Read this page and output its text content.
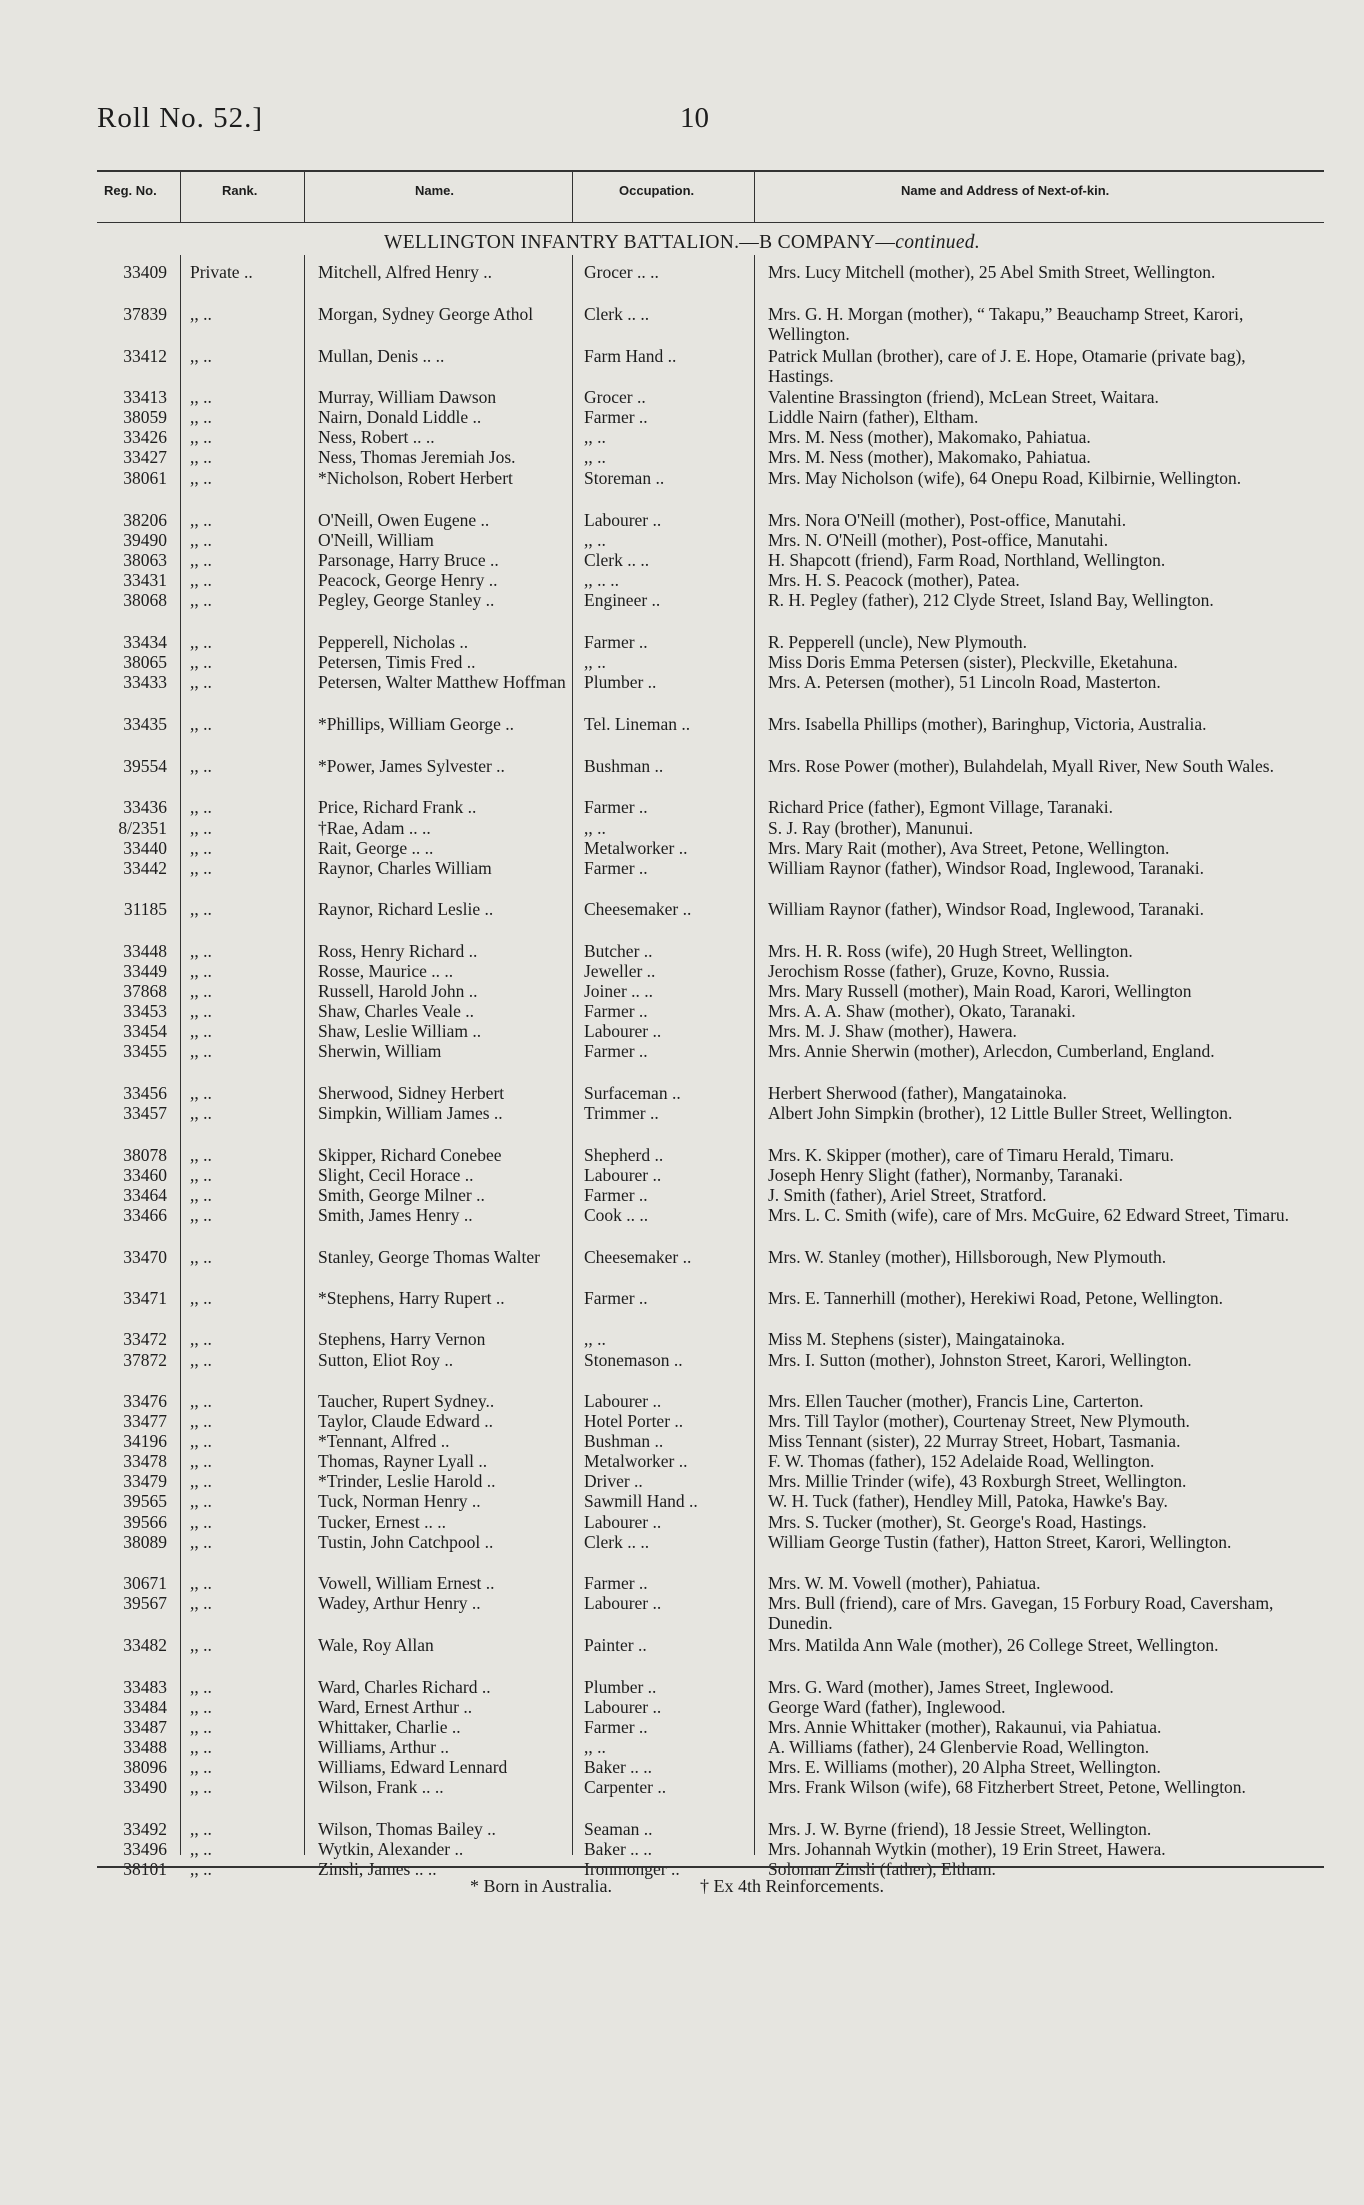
Roll No. 52.]	10
Reg. No.	Rank.	Name.	Occupation.	Name and Address of Next-of-kin.
WELLINGTON INFANTRY BATTALION.—B COMPANY—continued.
33409 Private ..	Mitchell, Alfred Henry ..	Grocer .. ..	Mrs. Lucy Mitchell (mother), 25 Abel Smith Street, Wellington.
37839 ,, ..	Morgan, Sydney George Athol	Clerk .. ..	Mrs. G. H. Morgan (mother), “ Takapu,” Beauchamp Street, Karori, Wellington.
33412 ,, ..	Mullan, Denis .. ..	Farm Hand ..	Patrick Mullan (brother), care of J. E. Hope, Otamarie (private bag), Hastings.
33413 ,, ..	Murray, William Dawson	Grocer ..	Valentine Brassington (friend), McLean Street, Waitara.
38059 ,, ..	Nairn, Donald Liddle ..	Farmer ..	Liddle Nairn (father), Eltham.
33426 ,, ..	Ness, Robert .. ..	,, ..	Mrs. M. Ness (mother), Makomako, Pahiatua.
33427 ,, ..	Ness, Thomas Jeremiah Jos.	,, ..	Mrs. M. Ness (mother), Makomako, Pahiatua.
38061 ,, ..	*Nicholson, Robert Herbert	Storeman ..	Mrs. May Nicholson (wife), 64 Onepu Road, Kilbirnie, Wellington.
38206 ,, ..	O'Neill, Owen Eugene ..	Labourer ..	Mrs. Nora O'Neill (mother), Post-office, Manutahi.
39490 ,, ..	O'Neill, William	,, ..	Mrs. N. O'Neill (mother), Post-office, Manutahi.
38063 ,, ..	Parsonage, Harry Bruce ..	Clerk .. ..	H. Shapcott (friend), Farm Road, Northland, Wellington.
33431 ,, ..	Peacock, George Henry ..	,, .. ..	Mrs. H. S. Peacock (mother), Patea.
38068 ,, ..	Pegley, George Stanley ..	Engineer ..	R. H. Pegley (father), 212 Clyde Street, Island Bay, Wellington.
33434 ,, ..	Pepperell, Nicholas ..	Farmer ..	R. Pepperell (uncle), New Plymouth.
38065 ,, ..	Petersen, Timis Fred ..	,, ..	Miss Doris Emma Petersen (sister), Pleckville, Eketahuna.
33433 ,, ..	Petersen, Walter Matthew Hoffman Plumber ..	Mrs. A. Petersen (mother), 51 Lincoln Road, Masterton.
33435 ,, ..	*Phillips, William George ..	Tel. Lineman ..	Mrs. Isabella Phillips (mother), Baringhup, Victoria, Australia.
39554 ,, ..	*Power, James Sylvester ..	Bushman ..	Mrs. Rose Power (mother), Bulahdelah, Myall River, New South Wales.
33436 ,, ..	Price, Richard Frank ..	Farmer ..	Richard Price (father), Egmont Village, Taranaki.
8/2351 ,, ..	†Rae, Adam .. ..	,, ..	S. J. Ray (brother), Manunui.
33440 ,, ..	Rait, George .. ..	Metalworker ..	Mrs. Mary Rait (mother), Ava Street, Petone, Wellington.
33442 ,, ..	Raynor, Charles William	Farmer ..	William Raynor (father), Windsor Road, Inglewood, Taranaki.
31185 ,, ..	Raynor, Richard Leslie ..	Cheesemaker ..	William Raynor (father), Windsor Road, Inglewood, Taranaki.
33448 ,, ..	Ross, Henry Richard ..	Butcher ..	Mrs. H. R. Ross (wife), 20 Hugh Street, Wellington.
33449 ,, ..	Rosse, Maurice .. ..	Jeweller ..	Jerochism Rosse (father), Gruze, Kovno, Russia.
37868 ,, ..	Russell, Harold John ..	Joiner .. ..	Mrs. Mary Russell (mother), Main Road, Karori, Wellington
33453 ,, ..	Shaw, Charles Veale ..	Farmer ..	Mrs. A. A. Shaw (mother), Okato, Taranaki.
33454 ,, ..	Shaw, Leslie William ..	Labourer ..	Mrs. M. J. Shaw (mother), Hawera.
33455 ,, ..	Sherwin, William	Farmer ..	Mrs. Annie Sherwin (mother), Arlecdon, Cumberland, England.
33456 ,, ..	Sherwood, Sidney Herbert	Surfaceman ..	Herbert Sherwood (father), Mangatainoka.
33457 ,, ..	Simpkin, William James ..	Trimmer ..	Albert John Simpkin (brother), 12 Little Buller Street, Wellington.
38078 ,, ..	Skipper, Richard Conebee	Shepherd ..	Mrs. K. Skipper (mother), care of Timaru Herald, Timaru.
33460 ,, ..	Slight, Cecil Horace ..	Labourer ..	Joseph Henry Slight (father), Normanby, Taranaki.
33464 ,, ..	Smith, George Milner ..	Farmer ..	J. Smith (father), Ariel Street, Stratford.
33466 ,, ..	Smith, James Henry ..	Cook .. ..	Mrs. L. C. Smith (wife), care of Mrs. McGuire, 62 Edward Street, Timaru.
33470 ,, ..	Stanley, George Thomas Walter	Cheesemaker ..	Mrs. W. Stanley (mother), Hillsborough, New Plymouth.
33471 ,, ..	*Stephens, Harry Rupert ..	Farmer ..	Mrs. E. Tannerhill (mother), Herekiwi Road, Petone, Wellington.
33472 ,, ..	Stephens, Harry Vernon	,, ..	Miss M. Stephens (sister), Maingatainoka.
37872 ,, ..	Sutton, Eliot Roy ..	Stonemason ..	Mrs. I. Sutton (mother), Johnston Street, Karori, Wellington.
33476 ,, ..	Taucher, Rupert Sydney..	Labourer ..	Mrs. Ellen Taucher (mother), Francis Line, Carterton.
33477 ,, ..	Taylor, Claude Edward ..	Hotel Porter ..	Mrs. Till Taylor (mother), Courtenay Street, New Plymouth.
34196 ,, ..	*Tennant, Alfred ..	Bushman ..	Miss Tennant (sister), 22 Murray Street, Hobart, Tasmania.
33478 ,, ..	Thomas, Rayner Lyall ..	Metalworker ..	F. W. Thomas (father), 152 Adelaide Road, Wellington.
33479 ,, ..	*Trinder, Leslie Harold ..	Driver ..	Mrs. Millie Trinder (wife), 43 Roxburgh Street, Wellington.
39565 ,, ..	Tuck, Norman Henry ..	Sawmill Hand ..	W. H. Tuck (father), Hendley Mill, Patoka, Hawke's Bay.
39566 ,, ..	Tucker, Ernest .. ..	Labourer ..	Mrs. S. Tucker (mother), St. George's Road, Hastings.
38089 ,, ..	Tustin, John Catchpool ..	Clerk .. ..	William George Tustin (father), Hatton Street, Karori, Wellington.
30671 ,, ..	Vowell, William Ernest ..	Farmer ..	Mrs. W. M. Vowell (mother), Pahiatua.
39567 ,, ..	Wadey, Arthur Henry ..	Labourer ..	Mrs. Bull (friend), care of Mrs. Gavegan, 15 Forbury Road, Caversham, Dunedin.
33482 ,, ..	Wale, Roy Allan	Painter ..	Mrs. Matilda Ann Wale (mother), 26 College Street, Wellington.
33483 ,, ..	Ward, Charles Richard ..	Plumber ..	Mrs. G. Ward (mother), James Street, Inglewood.
33484 ,, ..	Ward, Ernest Arthur ..	Labourer ..	George Ward (father), Inglewood.
33487 ,, ..	Whittaker, Charlie ..	Farmer ..	Mrs. Annie Whittaker (mother), Rakaunui, via Pahiatua.
33488 ,, ..	Williams, Arthur ..	,, ..	A. Williams (father), 24 Glenbervie Road, Wellington.
38096 ,, ..	Williams, Edward Lennard	Baker .. ..	Mrs. E. Williams (mother), 20 Alpha Street, Wellington.
33490 ,, ..	Wilson, Frank .. ..	Carpenter ..	Mrs. Frank Wilson (wife), 68 Fitzherbert Street, Petone, Wellington.
33492 ,, ..	Wilson, Thomas Bailey ..	Seaman ..	Mrs. J. W. Byrne (friend), 18 Jessie Street, Wellington.
33496 ,, ..	Wytkin, Alexander ..	Baker .. ..	Mrs. Johannah Wytkin (mother), 19 Erin Street, Hawera.
38101 ,, ..	Zinsli, James .. ..	Ironmonger ..	Soloman Zinsli (father), Eltham.
* Born in Australia.	† Ex 4th Reinforcements.
